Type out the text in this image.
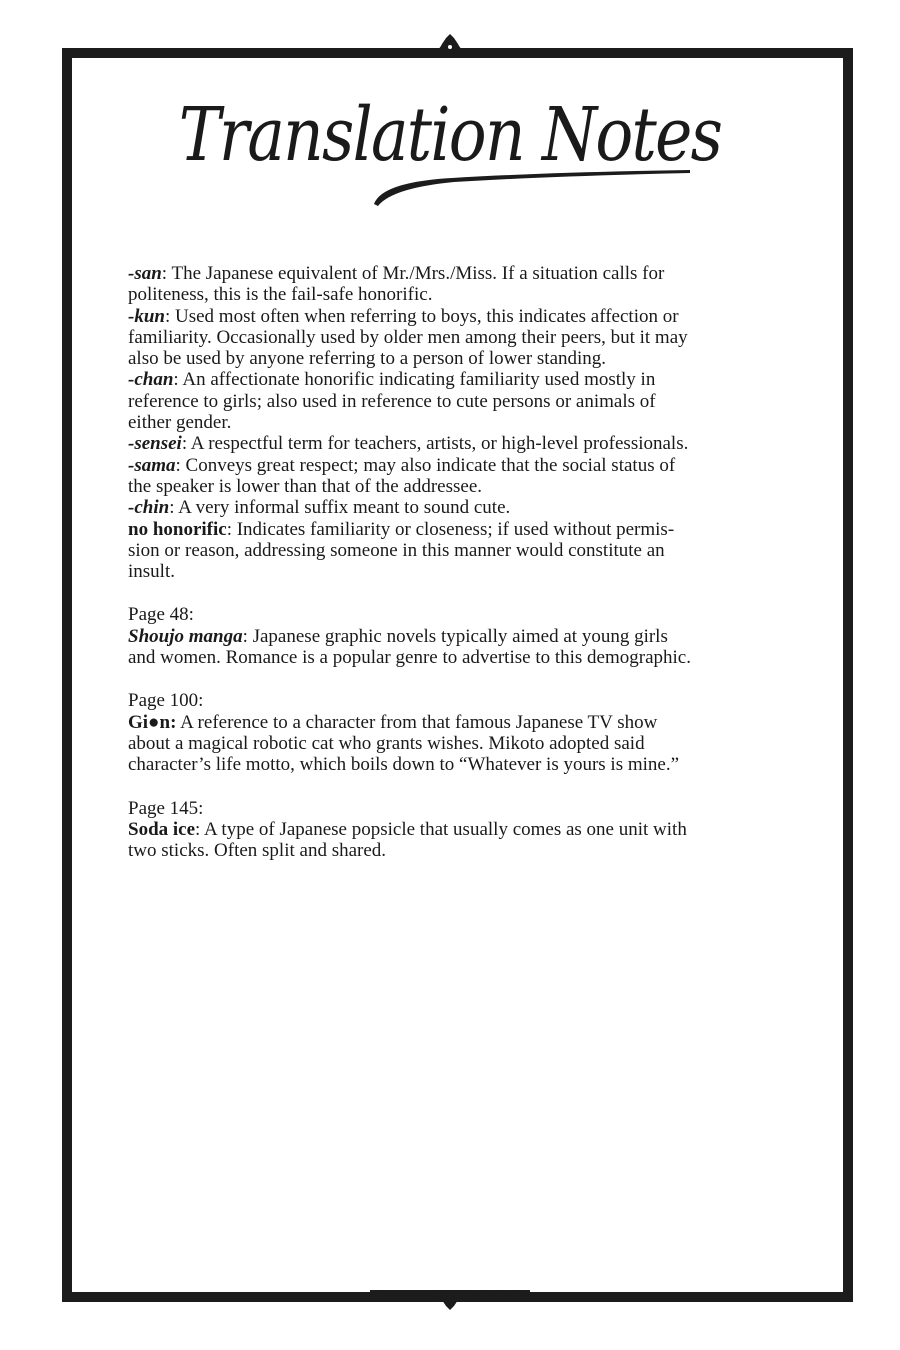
Translation Notes
-san: The Japanese equivalent of Mr./Mrs./Miss. If a situation calls for
politeness, this is the fail-safe honorific.
-kun: Used most often when referring to boys, this indicates affection or
familiarity. Occasionally used by older men among their peers, but it may
also be used by anyone referring to a person of lower standing.
-chan: An affectionate honorific indicating familiarity used mostly in
reference to girls; also used in reference to cute persons or animals of
either gender.
-sensei: A respectful term for teachers, artists, or high-level professionals.
-sama: Conveys great respect; may also indicate that the social status of
the speaker is lower than that of the addressee.
-chin: A very informal suffix meant to sound cute.
no honorific: Indicates familiarity or closeness; if used without permis-
sion or reason, addressing someone in this manner would constitute an
insult.
Page 48:
Shoujo manga: Japanese graphic novels typically aimed at young girls
and women. Romance is a popular genre to advertise to this demographic.
Page 100:
Gi●n: A reference to a character from that famous Japanese TV show
about a magical robotic cat who grants wishes. Mikoto adopted said
character’s life motto, which boils down to “Whatever is yours is mine.”
Page 145:
Soda ice: A type of Japanese popsicle that usually comes as one unit with
two sticks. Often split and shared.
